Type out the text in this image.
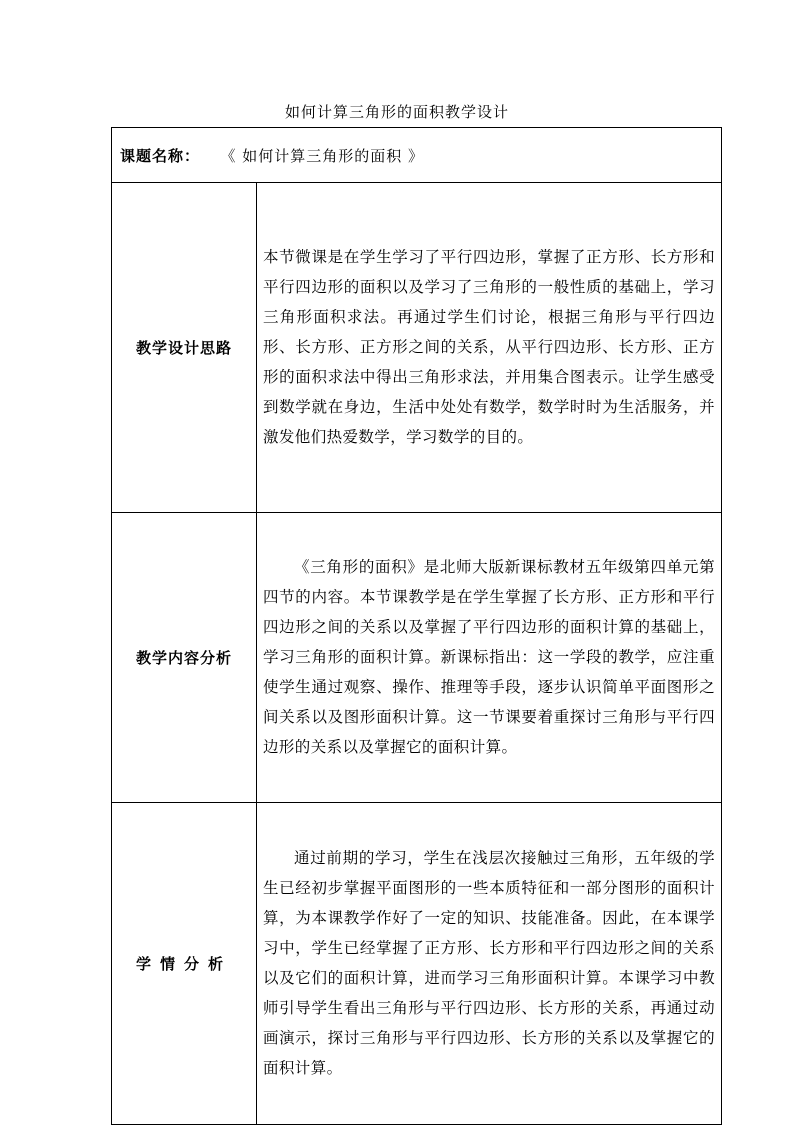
如何计算三角形的面积教学设计
课题名称： 《 如何计算三角形的面积 》	
教学设计思路	本节微课是在学生学习了平行四边形，掌握了正方形、长方形和平行四边形的面积以及学习了三角形的一般性质的基础上，学习三角形面积求法。再通过学生们讨论，根据三角形与平行四边形、长方形、正方形之间的关系，从平行四边形、长方形、正方形的面积求法中得出三角形求法，并用集合图表示。让学生感受到数学就在身边，生活中处处有数学，数学时时为生活服务，并激发他们热爱数学，学习数学的目的。
教学内容分析	《三角形的面积》是北师大版新课标教材五年级第四单元第四节的内容。本节课教学是在学生掌握了长方形、正方形和平行四边形之间的关系以及掌握了平行四边形的面积计算的基础上，学习三角形的面积计算。新课标指出：这一学段的教学，应注重使学生通过观察、操作、推理等手段，逐步认识简单平面图形之间关系以及图形面积计算。这一节课要着重探讨三角形与平行四边形的关系以及掌握它的面积计算。
学情分析	通过前期的学习，学生在浅层次接触过三角形，五年级的学生已经初步掌握平面图形的一些本质特征和一部分图形的面积计算，为本课教学作好了一定的知识、技能准备。因此，在本课学习中，学生已经掌握了正方形、长方形和平行四边形之间的关系以及它们的面积计算，进而学习三角形面积计算。本课学习中教师引导学生看出三角形与平行四边形、长方形的关系，再通过动画演示，探讨三角形与平行四边形、长方形的关系以及掌握它的面积计算。
